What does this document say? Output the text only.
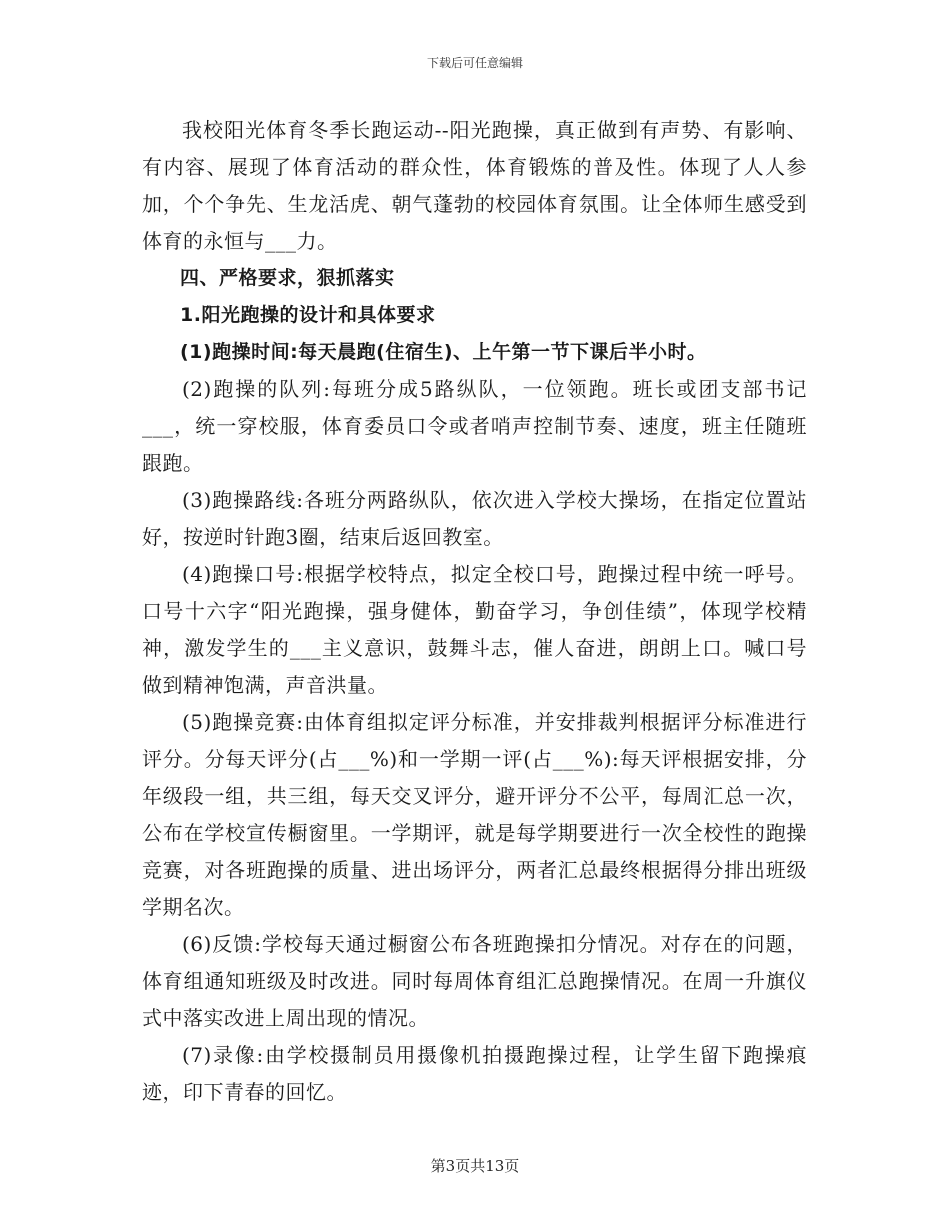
下载后可任意编辑

我校阳光体育冬季长跑运动--阳光跑操，真正做到有声势、有影响、有内容、展现了体育活动的群众性，体育锻炼的普及性。体现了人人参加，个个争先、生龙活虎、朝气蓬勃的校园体育氛围。让全体师生感受到体育的永恒与___力。

四、严格要求，狠抓落实

1.阳光跑操的设计和具体要求

(1)跑操时间:每天晨跑(住宿生)、上午第一节下课后半小时。

(2)跑操的队列:每班分成5路纵队，一位领跑。班长或团支部书记___，统一穿校服，体育委员口令或者哨声控制节奏、速度，班主任随班跟跑。

(3)跑操路线:各班分两路纵队，依次进入学校大操场，在指定位置站好，按逆时针跑3圈，结束后返回教室。

(4)跑操口号:根据学校特点，拟定全校口号，跑操过程中统一呼号。口号十六字“阳光跑操，强身健体，勤奋学习，争创佳绩”，体现学校精神，激发学生的___主义意识，鼓舞斗志，催人奋进，朗朗上口。喊口号做到精神饱满，声音洪量。

(5)跑操竞赛:由体育组拟定评分标准，并安排裁判根据评分标准进行评分。分每天评分(占___%)和一学期一评(占___%):每天评根据安排，分年级段一组，共三组，每天交叉评分，避开评分不公平，每周汇总一次，公布在学校宣传橱窗里。一学期评，就是每学期要进行一次全校性的跑操竞赛，对各班跑操的质量、进出场评分，两者汇总最终根据得分排出班级学期名次。

(6)反馈:学校每天通过橱窗公布各班跑操扣分情况。对存在的问题，体育组通知班级及时改进。同时每周体育组汇总跑操情况。在周一升旗仪式中落实改进上周出现的情况。

(7)录像:由学校摄制员用摄像机拍摄跑操过程，让学生留下跑操痕迹，印下青春的回忆。

第3页共13页
